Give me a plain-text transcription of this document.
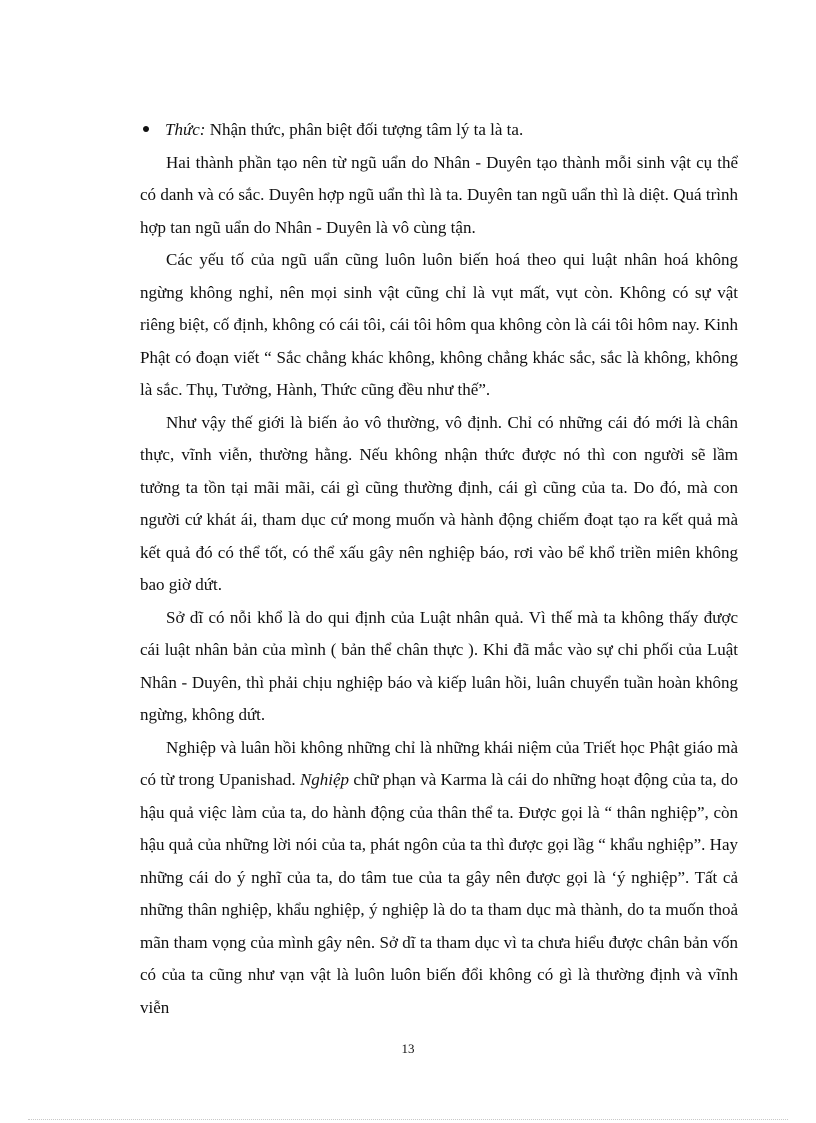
Thức: Nhận thức, phân biệt đối tượng tâm lý ta là ta.

Hai thành phần tạo nên từ ngũ uẩn do Nhân - Duyên tạo thành mỗi sinh vật cụ thể có danh và có sắc. Duyên hợp ngũ uẩn thì là ta. Duyên tan ngũ uẩn thì là diệt. Quá trình hợp tan ngũ uẩn do Nhân - Duyên là vô cùng tận.

Các yếu tố của ngũ uẩn cũng luôn luôn biến hoá theo qui luật nhân hoá không ngừng không nghỉ, nên mọi sinh vật cũng chỉ là vụt mất, vụt còn. Không có sự vật riêng biệt, cố định, không có cái tôi, cái tôi hôm qua không còn là cái tôi hôm nay. Kinh Phật có đoạn viết “ Sắc chẳng khác không, không chẳng khác sắc, sắc là không, không là sắc. Thụ, Tưởng, Hành, Thức cũng đều như thế”.

Như vậy thế giới là biến ảo vô thường, vô định. Chỉ có những cái đó mới là chân thực, vĩnh viễn, thường hằng. Nếu không nhận thức được nó thì con người sẽ lầm tưởng ta tồn tại mãi mãi, cái gì cũng thường định, cái gì cũng của ta. Do đó, mà con người cứ khát ái, tham dục cứ mong muốn và hành động chiếm đoạt tạo ra kết quả mà kết quả đó có thể tốt, có thể xấu gây nên nghiệp báo, rơi vào bể khổ triền miên không bao giờ dứt.

Sở dĩ có nỗi khổ là do qui định của Luật nhân quả. Vì thế mà ta không thấy được cái luật nhân bản của mình ( bản thể chân thực ). Khi đã mắc vào sự chi phối của Luật Nhân - Duyên, thì phải chịu nghiệp báo và kiếp luân hồi, luân chuyển tuần hoàn không ngừng, không dứt.

Nghiệp và luân hồi không những chỉ là những khái niệm của Triết học Phật giáo mà có từ trong Upanishad. Nghiệp chữ phạn và Karma là cái do những hoạt động của ta, do hậu quả việc làm của ta, do hành động của thân thể ta. Được gọi là “ thân nghiệp”, còn hậu quả của những lời nói của ta, phát ngôn của ta thì được gọi lầg “ khẩu nghiệp”. Hay những cái do ý nghĩ của ta, do tâm tue của ta gây nên được gọi là ‘ý nghiệp”. Tất cả những thân nghiệp, khẩu nghiệp, ý nghiệp là do ta tham dục mà thành, do ta muốn thoả mãn tham vọng của mình gây nên. Sở dĩ ta tham dục vì ta chưa hiểu được chân bản vốn có của ta cũng như vạn vật là luôn luôn biến đổi không có gì là thường định và vĩnh viễn

13
